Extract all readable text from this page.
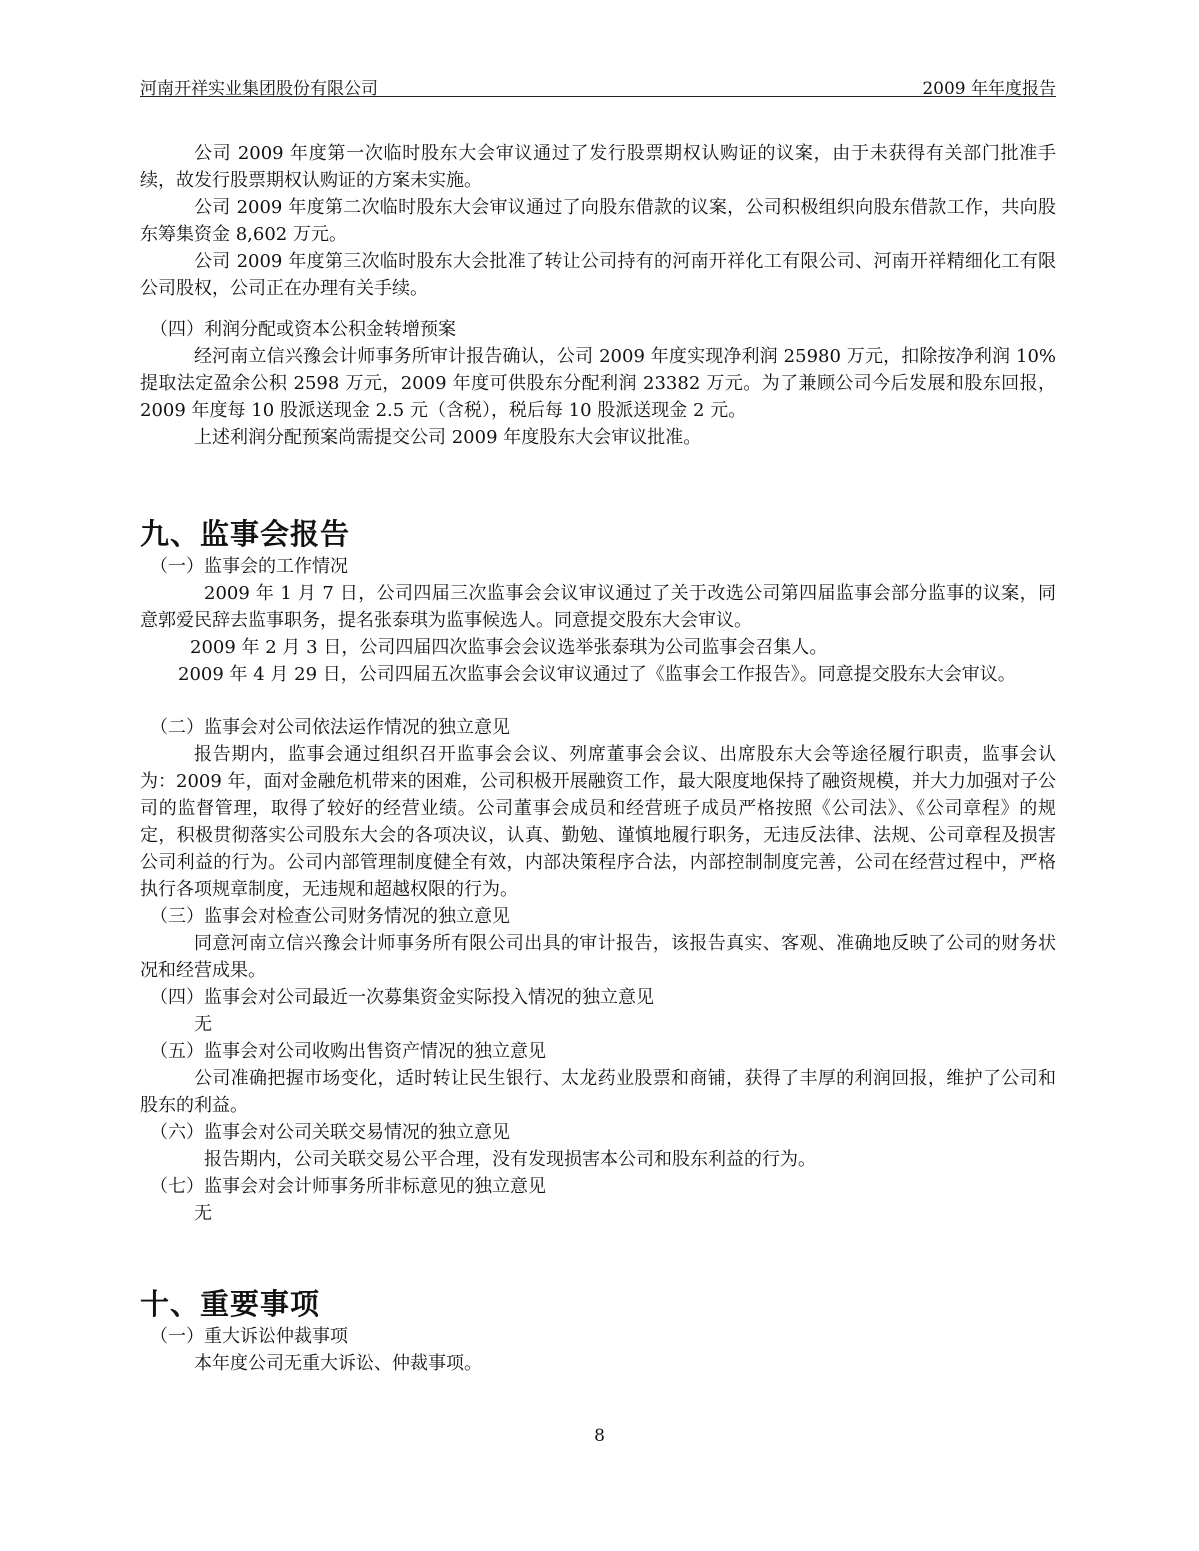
河南开祥实业集团股份有限公司	2009 年年度报告

公司 2009 年度第一次临时股东大会审议通过了发行股票期权认购证的议案，由于未获得有关部门批准手续，故发行股票期权认购证的方案未实施。

公司 2009 年度第二次临时股东大会审议通过了向股东借款的议案，公司积极组织向股东借款工作，共向股东筹集资金 8,602 万元。

公司 2009 年度第三次临时股东大会批准了转让公司持有的河南开祥化工有限公司、河南开祥精细化工有限公司股权，公司正在办理有关手续。

（四）利润分配或资本公积金转增预案

经河南立信兴豫会计师事务所审计报告确认，公司 2009 年度实现净利润 25980 万元，扣除按净利润 10%提取法定盈余公积 2598 万元，2009 年度可供股东分配利润 23382 万元。为了兼顾公司今后发展和股东回报，2009 年度每 10 股派送现金 2.5 元（含税），税后每 10 股派送现金 2 元。

上述利润分配预案尚需提交公司 2009 年度股东大会审议批准。

九、监事会报告

（一）监事会的工作情况

2009 年 1 月 7 日，公司四届三次监事会会议审议通过了关于改选公司第四届监事会部分监事的议案，同意郭爱民辞去监事职务，提名张泰琪为监事候选人。同意提交股东大会审议。

2009 年 2 月 3 日，公司四届四次监事会会议选举张泰琪为公司监事会召集人。

2009 年 4 月 29 日，公司四届五次监事会会议审议通过了《监事会工作报告》。同意提交股东大会审议。

（二）监事会对公司依法运作情况的独立意见

报告期内，监事会通过组织召开监事会会议、列席董事会会议、出席股东大会等途径履行职责，监事会认为：2009 年，面对金融危机带来的困难，公司积极开展融资工作，最大限度地保持了融资规模，并大力加强对子公司的监督管理，取得了较好的经营业绩。公司董事会成员和经营班子成员严格按照《公司法》、《公司章程》的规定，积极贯彻落实公司股东大会的各项决议，认真、勤勉、谨慎地履行职务，无违反法律、法规、公司章程及损害公司利益的行为。公司内部管理制度健全有效，内部决策程序合法，内部控制制度完善，公司在经营过程中，严格执行各项规章制度，无违规和超越权限的行为。

（三）监事会对检查公司财务情况的独立意见

同意河南立信兴豫会计师事务所有限公司出具的审计报告，该报告真实、客观、准确地反映了公司的财务状况和经营成果。

（四）监事会对公司最近一次募集资金实际投入情况的独立意见

无

（五）监事会对公司收购出售资产情况的独立意见

公司准确把握市场变化，适时转让民生银行、太龙药业股票和商铺，获得了丰厚的利润回报，维护了公司和股东的利益。

（六）监事会对公司关联交易情况的独立意见

报告期内，公司关联交易公平合理，没有发现损害本公司和股东利益的行为。

（七）监事会对会计师事务所非标意见的独立意见

无

十、重要事项

（一）重大诉讼仲裁事项

本年度公司无重大诉讼、仲裁事项。

8
